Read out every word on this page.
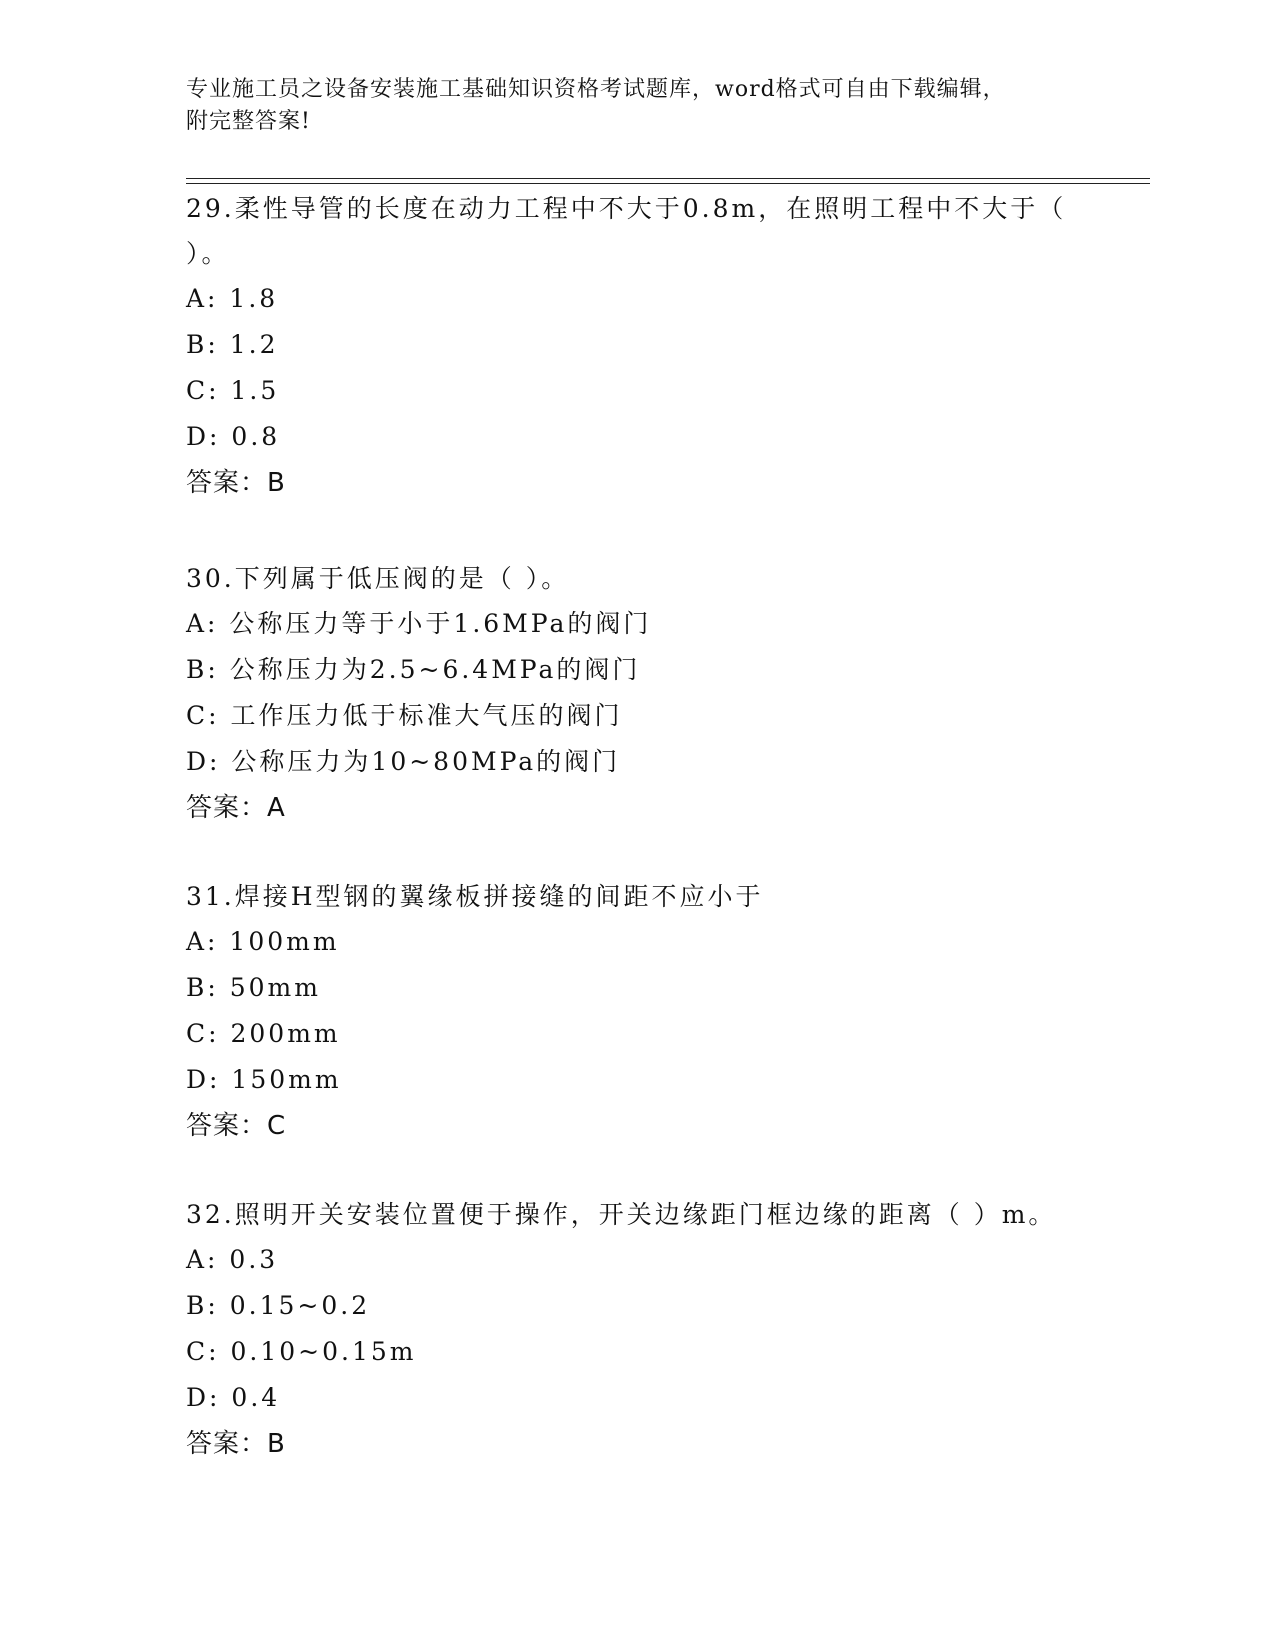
专业施工员之设备安装施工基础知识资格考试题库，word格式可自由下载编辑，
附完整答案!
29.柔性导管的长度在动力工程中不大于0.8m，在照明工程中不大于（
）。
A: 1.8
B: 1.2
C: 1.5
D: 0.8
答案：B
30.下列属于低压阀的是（ ）。
A: 公称压力等于小于1.6MPa的阀门
B: 公称压力为2.5~6.4MPa的阀门
C: 工作压力低于标准大气压的阀门
D: 公称压力为10~80MPa的阀门
答案：A
31.焊接H型钢的翼缘板拼接缝的间距不应小于
A: 100mm
B: 50mm
C: 200mm
D: 150mm
答案：C
32.照明开关安装位置便于操作，开关边缘距门框边缘的距离（ ）m。
A: 0.3
B: 0.15~0.2
C: 0.10~0.15m
D: 0.4
答案：B
